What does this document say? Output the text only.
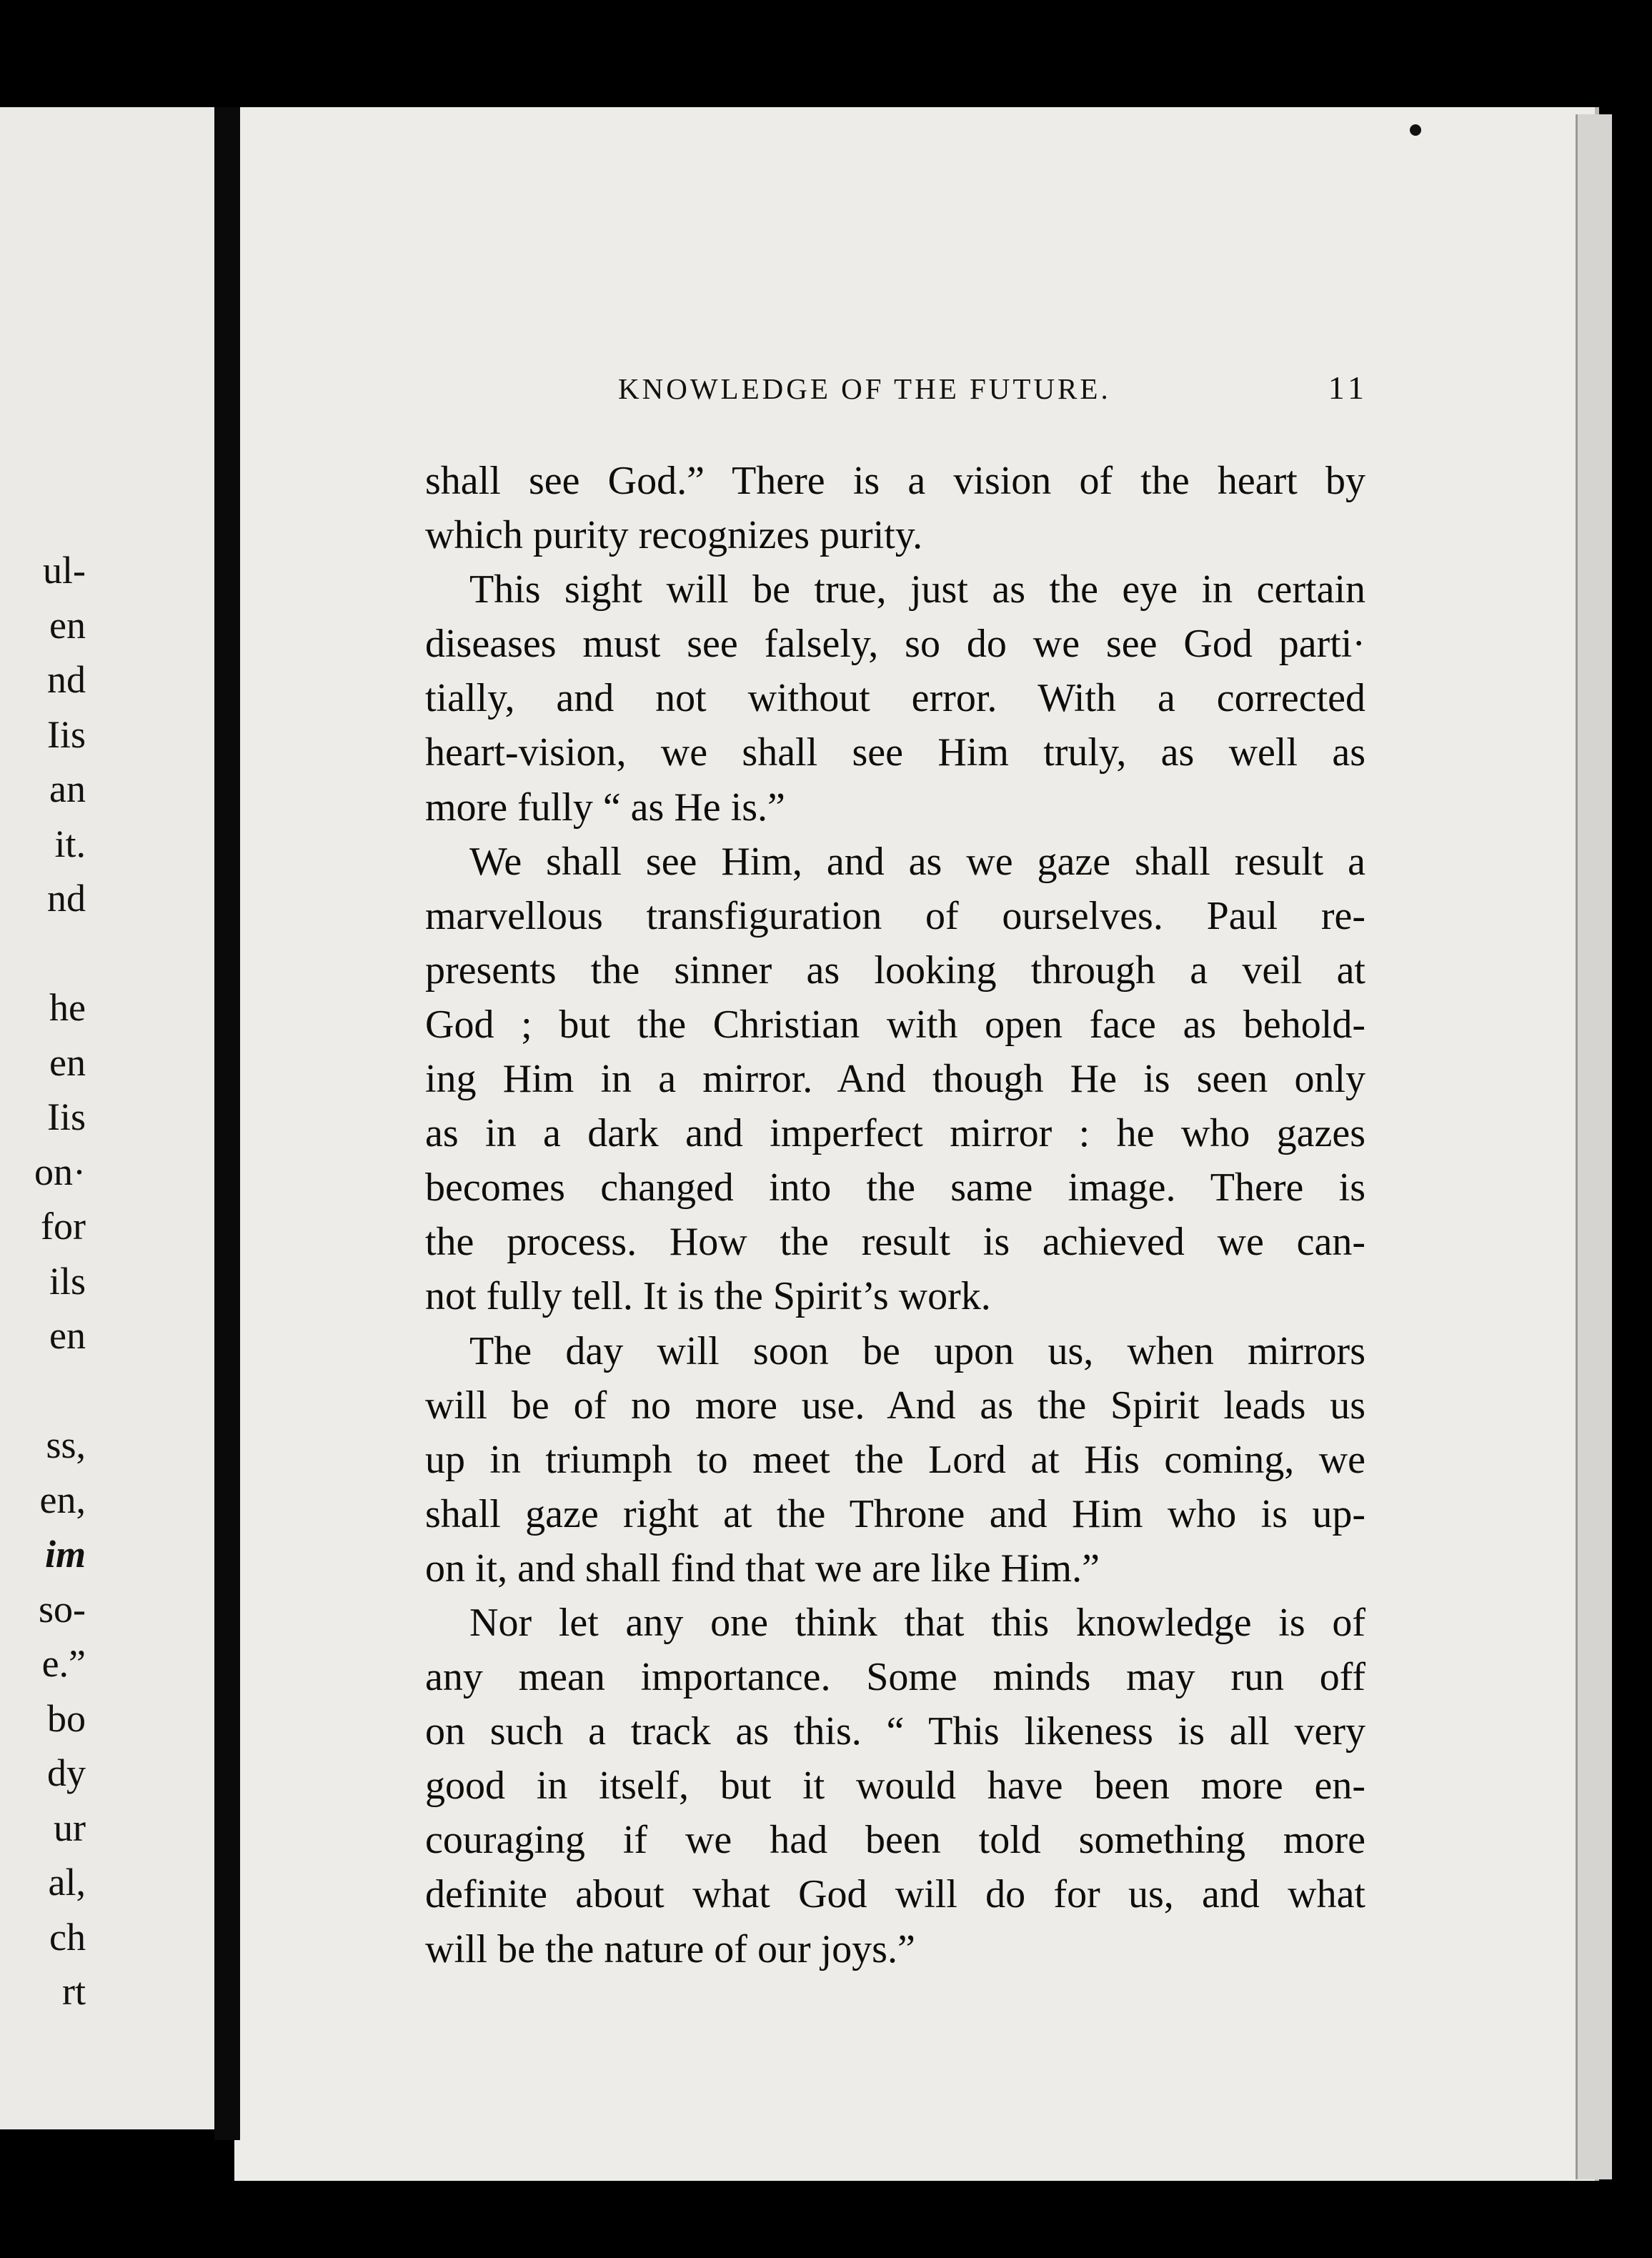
ul-
en
nd
Iis
an
it.
nd
he
en
Iis
on·
for
ils
en
ss,
en,
im
so-
e.”
bo
dy
ur
al,
ch
rt
KNOWLEDGE OF THE FUTURE.	11
shall see God.” There is a vision of the heart by
which purity recognizes purity.
This sight will be true, just as the eye in certain
diseases must see falsely, so do we see God parti·
tially, and not without error. With a corrected
heart-vision, we shall see Him truly, as well as
more fully “ as He is.”
We shall see Him, and as we gaze shall result a
marvellous transfiguration of ourselves. Paul re-
presents the sinner as looking through a veil at
God ; but the Christian with open face as behold-
ing Him in a mirror. And though He is seen only
as in a dark and imperfect mirror : he who gazes
becomes changed into the same image. There is
the process. How the result is achieved we can-
not fully tell. It is the Spirit’s work.
The day will soon be upon us, when mirrors
will be of no more use. And as the Spirit leads us
up in triumph to meet the Lord at His coming, we
shall gaze right at the Throne and Him who is up-
on it, and shall find that we are like Him.”
Nor let any one think that this knowledge is of
any mean importance. Some minds may run off
on such a track as this. “ This likeness is all very
good in itself, but it would have been more en-
couraging if we had been told something more
definite about what God will do for us, and what
will be the nature of our joys.”
